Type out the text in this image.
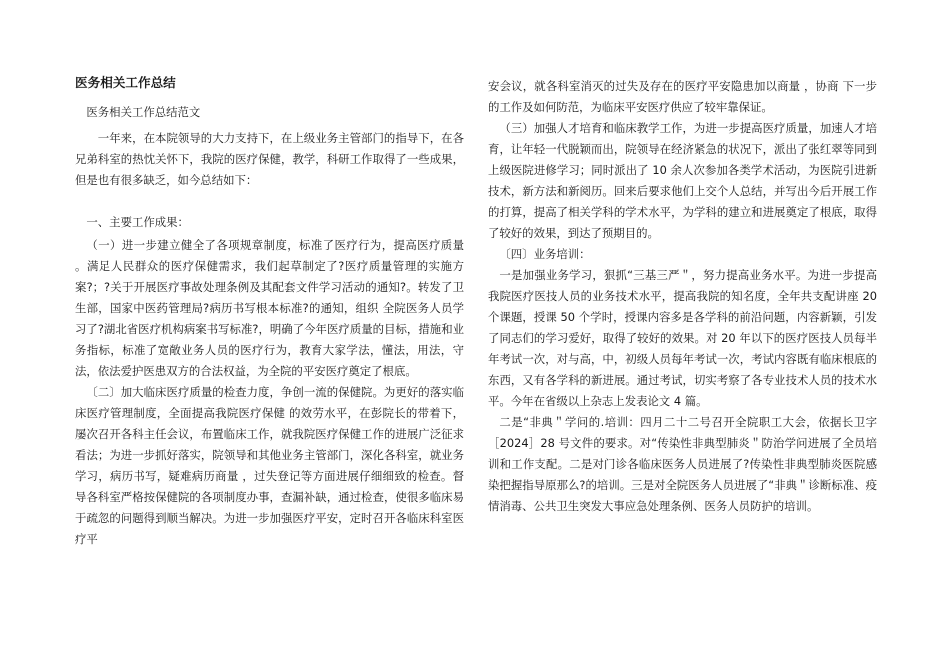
医务相关工作总结

医务相关工作总结范文

一年来，在本院领导的大力支持下，在上级业务主管部门的指导下，在各兄弟科室的热忱关怀下，我院的医疗保健，教学，科研工作取得了一些成果，但是也有很多缺乏，如今总结如下：

一、主要工作成果：

（一）进一步建立健全了各项规章制度，标准了医疗行为，提高医疗质量 。满足人民群众的医疗保健需求，我们起草制定了?医疗质量管理的实施方案?；?关于开展医疗事故处理条例及其配套文件学习活动的通知?。转发了卫生部，国家中医药管理局?病历书写根本标准?的通知，组织 全院医务人员学习了?湖北省医疗机构病案书写标准?，明确了今年医疗质量的目标，措施和业务指标，标准了宽敞业务人员的医疗行为，教育大家学法，懂法，用法，守法，依法爱护医患双方的合法权益，为全院的平安医疗奠定了根底。

〔二〕加大临床医疗质量的检查力度，争创一流的保健院。为更好的落实临床医疗管理制度，全面提高我院医疗保健 的效劳水平，在彭院长的带着下，屡次召开各科主任会议，布置临床工作，就我院医疗保健工作的进展广泛征求看法；为进一步抓好落实，院领导和其他业务主管部门，深化各科室，就业务学习，病历书写，疑难病历商量 ，过失登记等方面进展仔细细致的检查。督导各科室严格按保健院的各项制度办事，查漏补缺，通过检查，使很多临床易于疏忽的问题得到顺当解决。为进一步加强医疗平安，定时召开各临床科室医疗平

安会议，就各科室消灭的过失及存在的医疗平安隐患加以商量 ，协商 下一步的工作及如何防范，为临床平安医疗供应了较牢靠保证。

（三）加强人才培育和临床教学工作，为进一步提高医疗质量，加速人才培育，让年轻一代脱颖而出，院领导在经济紧急的状况下，派出了张红翠等同到上级医院进修学习；同时派出了 10 余人次参加各类学术活动，为医院引进新技术，新方法和新阅历。回来后要求他们上交个人总结，并写出今后开展工作的打算，提高了相关学科的学术水平，为学科的建立和进展奠定了根底，取得了较好的效果，到达了预期目的。

〔四〕业务培训：

一是加强业务学习，狠抓“三基三严＂，努力提高业务水平。为进一步提高我院医疗医技人员的业务技术水平，提高我院的知名度，全年共支配讲座 20 个课题，授课 50 个学时，授课内容多是各学科的前沿问题，内容新颖，引发了同志们的学习爱好，取得了较好的效果。对 20 年以下的医疗医技人员每半年考试一次，对与高，中，初级人员每年考试一次，考试内容既有临床根底的东西，又有各学科的新进展。通过考试，切实考察了各专业技术人员的技术水平。今年在省级以上杂志上发表论文 4 篇。

二是“非典＂学问的.培训：四月二十二号召开全院职工大会，依据长卫字［2024］28 号文件的要求。对“传染性非典型肺炎＂防治学问进展了全员培训和工作支配。二是对门诊各临床医务人员进展了?传染性非典型肺炎医院感染把握指导原那么?的培训。三是对全院医务人员进展了“非典＂诊断标准、疫情消毒、公共卫生突发大事应急处理条例、医务人员防护的培训。
